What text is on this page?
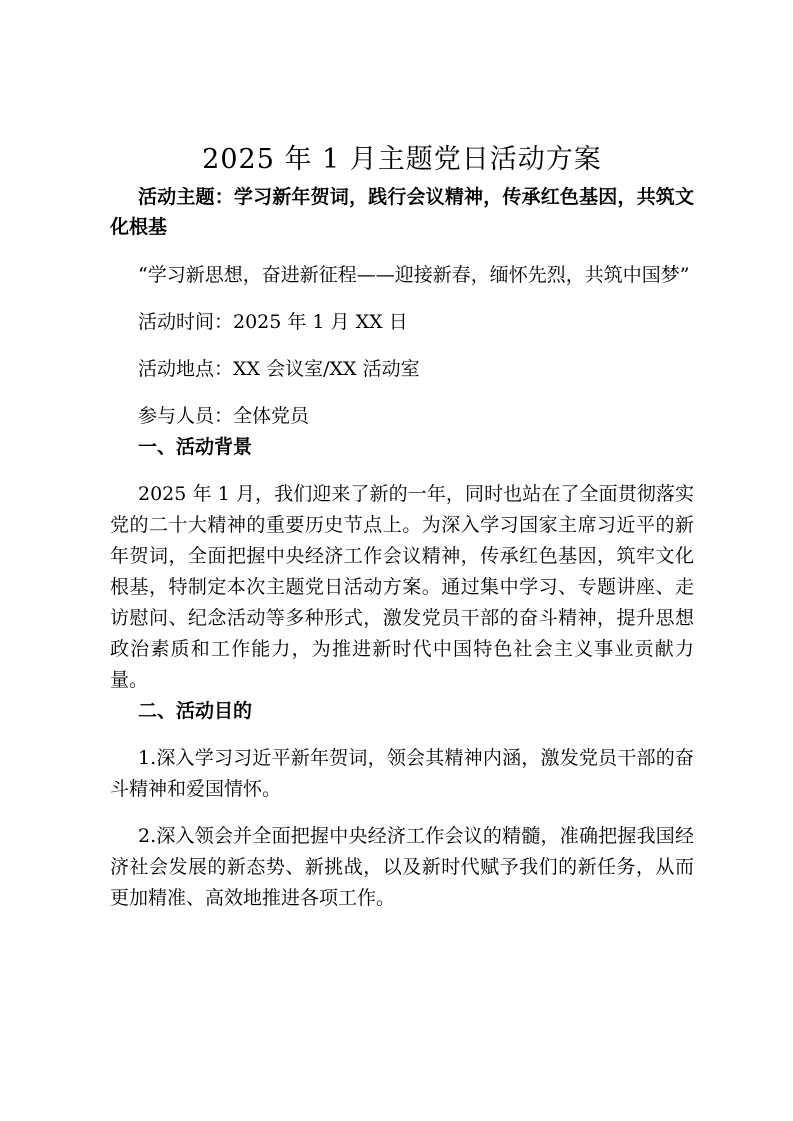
2025 年 1 月主题党日活动方案

活动主题：学习新年贺词，践行会议精神，传承红色基因，共筑文化根基

“学习新思想，奋进新征程——迎接新春，缅怀先烈，共筑中国梦”

活动时间：2025 年 1 月 XX 日

活动地点：XX 会议室/XX 活动室

参与人员：全体党员

一、活动背景

2025 年 1 月，我们迎来了新的一年，同时也站在了全面贯彻落实党的二十大精神的重要历史节点上。为深入学习国家主席习近平的新年贺词，全面把握中央经济工作会议精神，传承红色基因，筑牢文化根基，特制定本次主题党日活动方案。通过集中学习、专题讲座、走访慰问、纪念活动等多种形式，激发党员干部的奋斗精神，提升思想政治素质和工作能力，为推进新时代中国特色社会主义事业贡献力量。

二、活动目的

1.深入学习习近平新年贺词，领会其精神内涵，激发党员干部的奋斗精神和爱国情怀。

2.深入领会并全面把握中央经济工作会议的精髓，准确把握我国经济社会发展的新态势、新挑战，以及新时代赋予我们的新任务，从而更加精准、高效地推进各项工作。
